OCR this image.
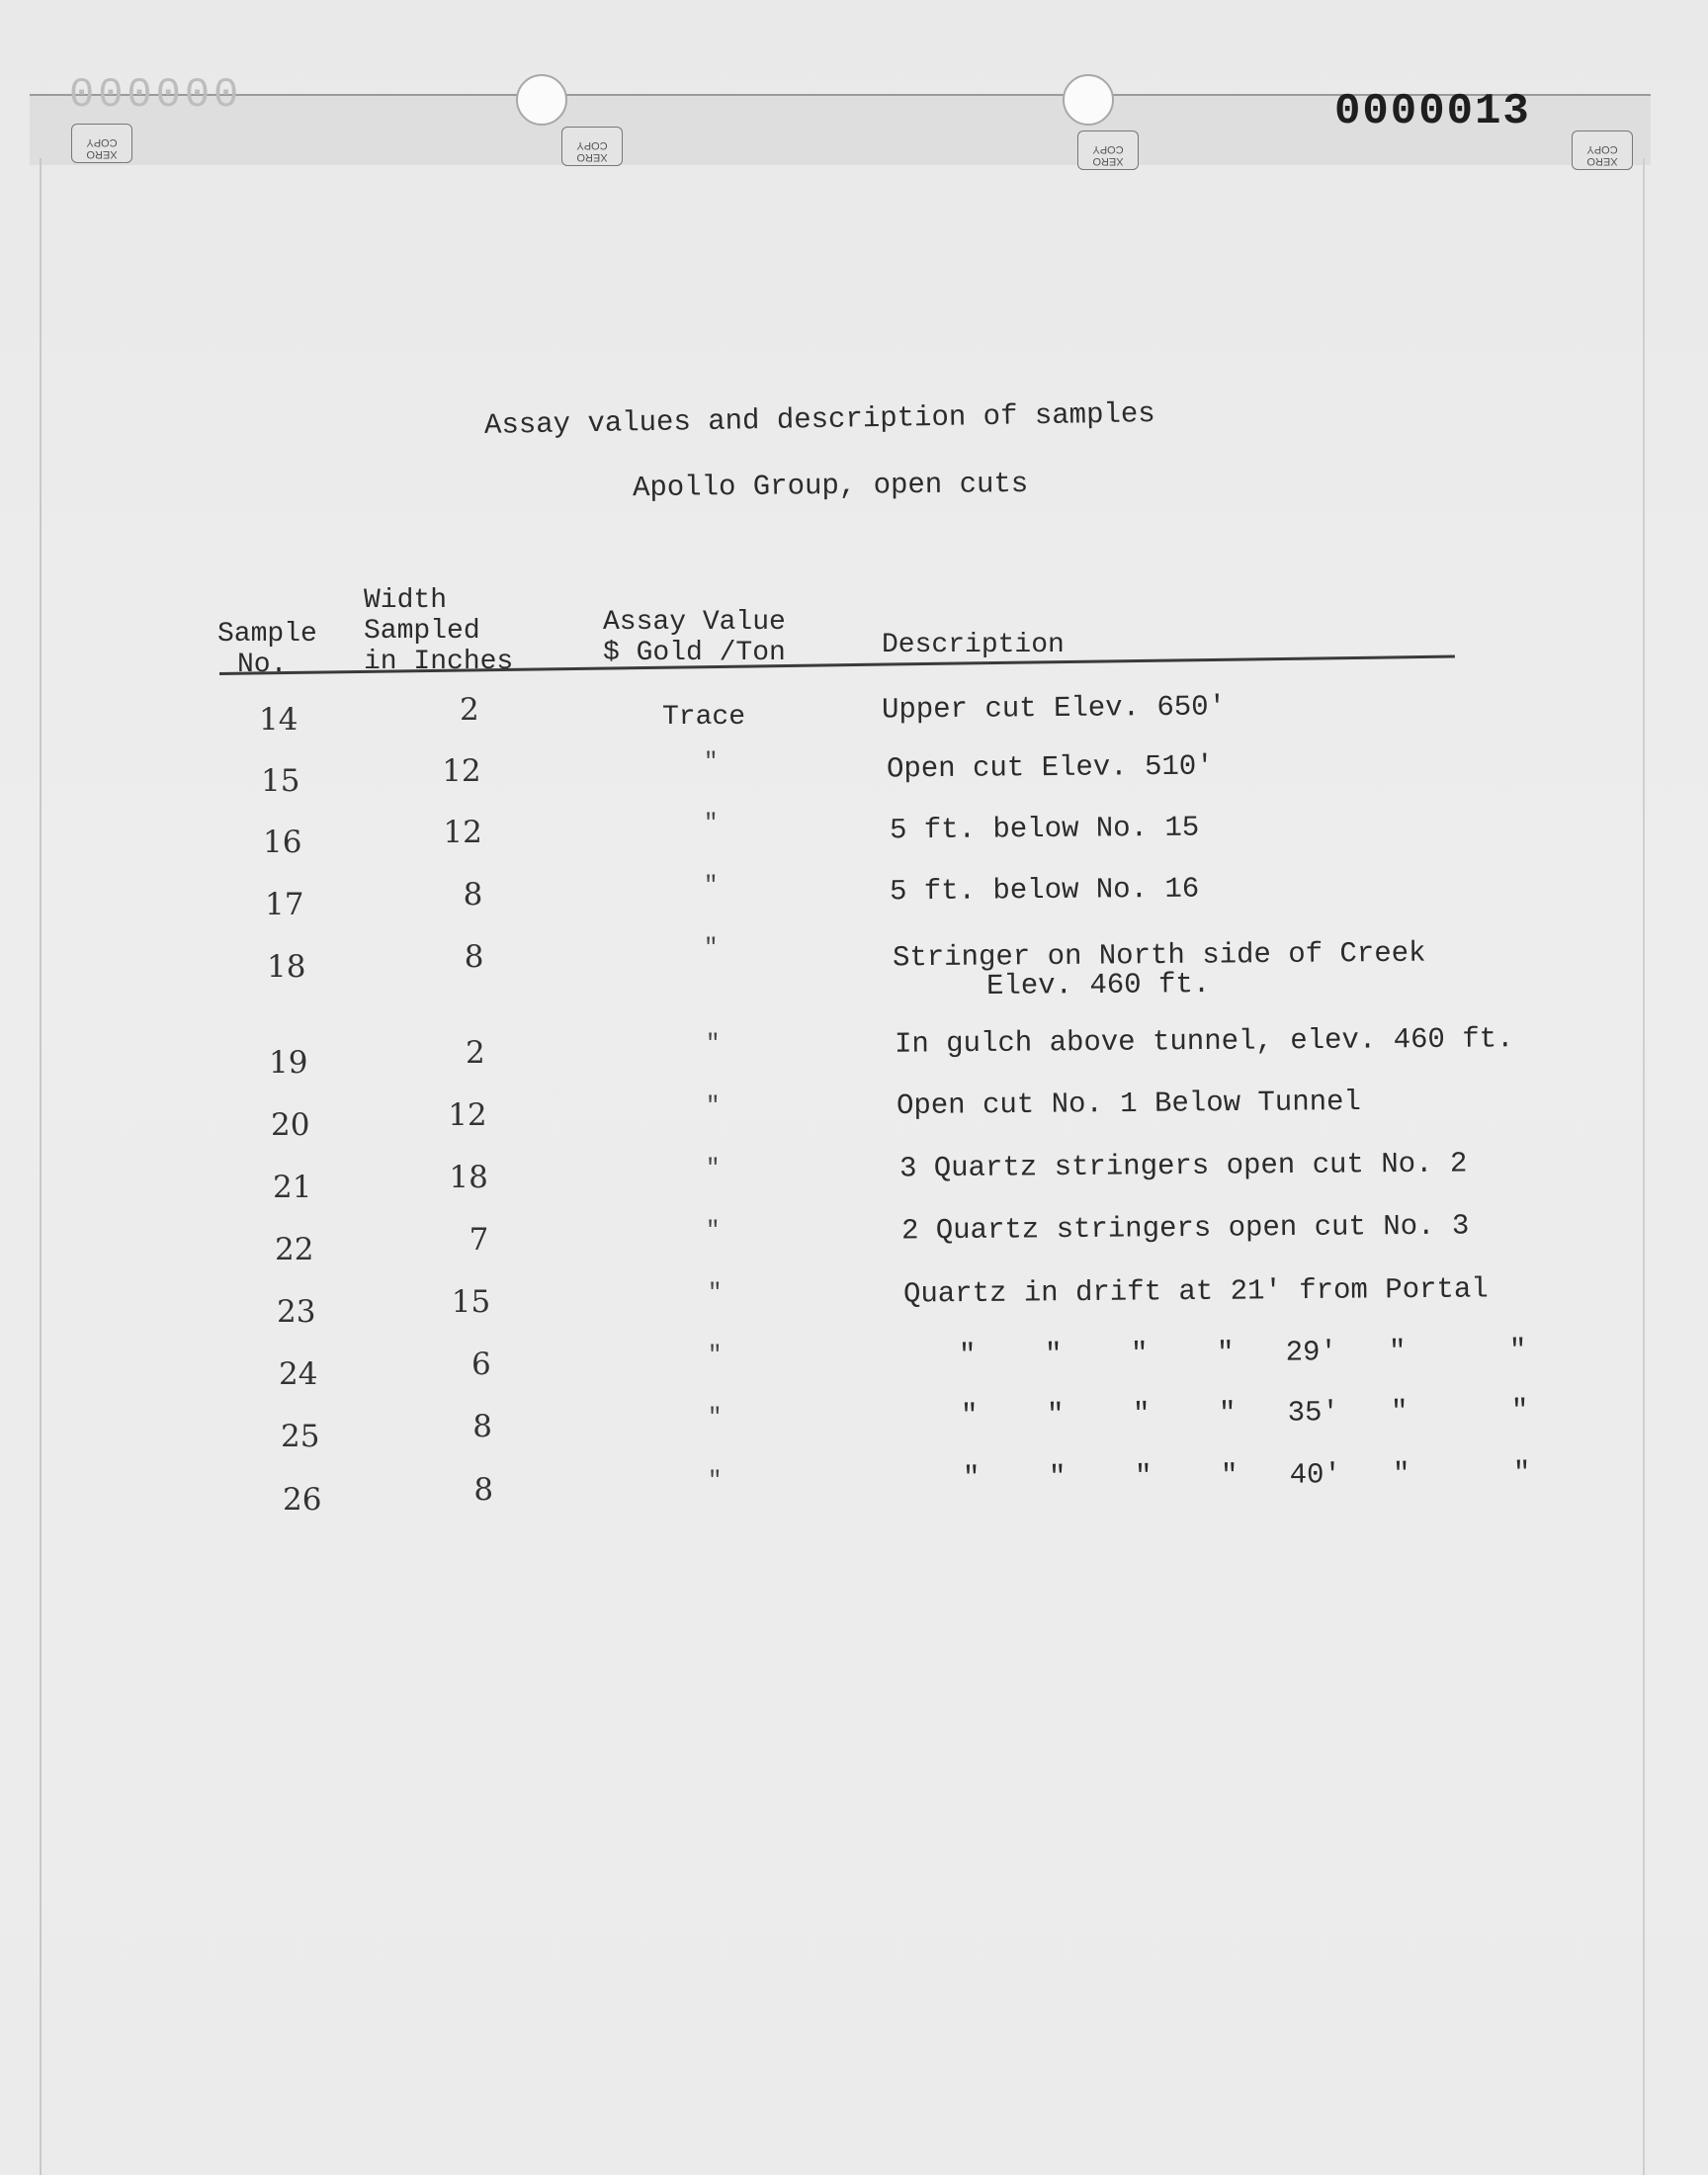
XERO
COPY
XERO
COPY
XERO
COPY
XERO
COPY
000000	0000013
Assay values and description of samples
Apollo Group, open cuts
Sample
No.
Width
Sampled
in Inches
Assay Value
$ Gold /Ton	Description
14	2	Trace	Upper cut Elev. 650'
15	12	"	Open cut Elev. 510'
16	12	"	5 ft. below No. 15
17	8	"	5 ft. below No. 16
18	8	"	Stringer on North side of Creek
Elev. 460 ft.
19	2	"	In gulch above tunnel, elev. 460 ft.
20	12	"	Open cut No. 1 Below Tunnel
21	18	"	3 Quartz stringers open cut No. 2
22	7	"	2 Quartz stringers open cut No. 3
23	15	"	Quartz in drift at 21' from Portal
24	6	"	"    "    "    "   29'   "      "
25	8	"	"    "    "    "   35'   "      "
26	8	"	"    "    "    "   40'   "      "
